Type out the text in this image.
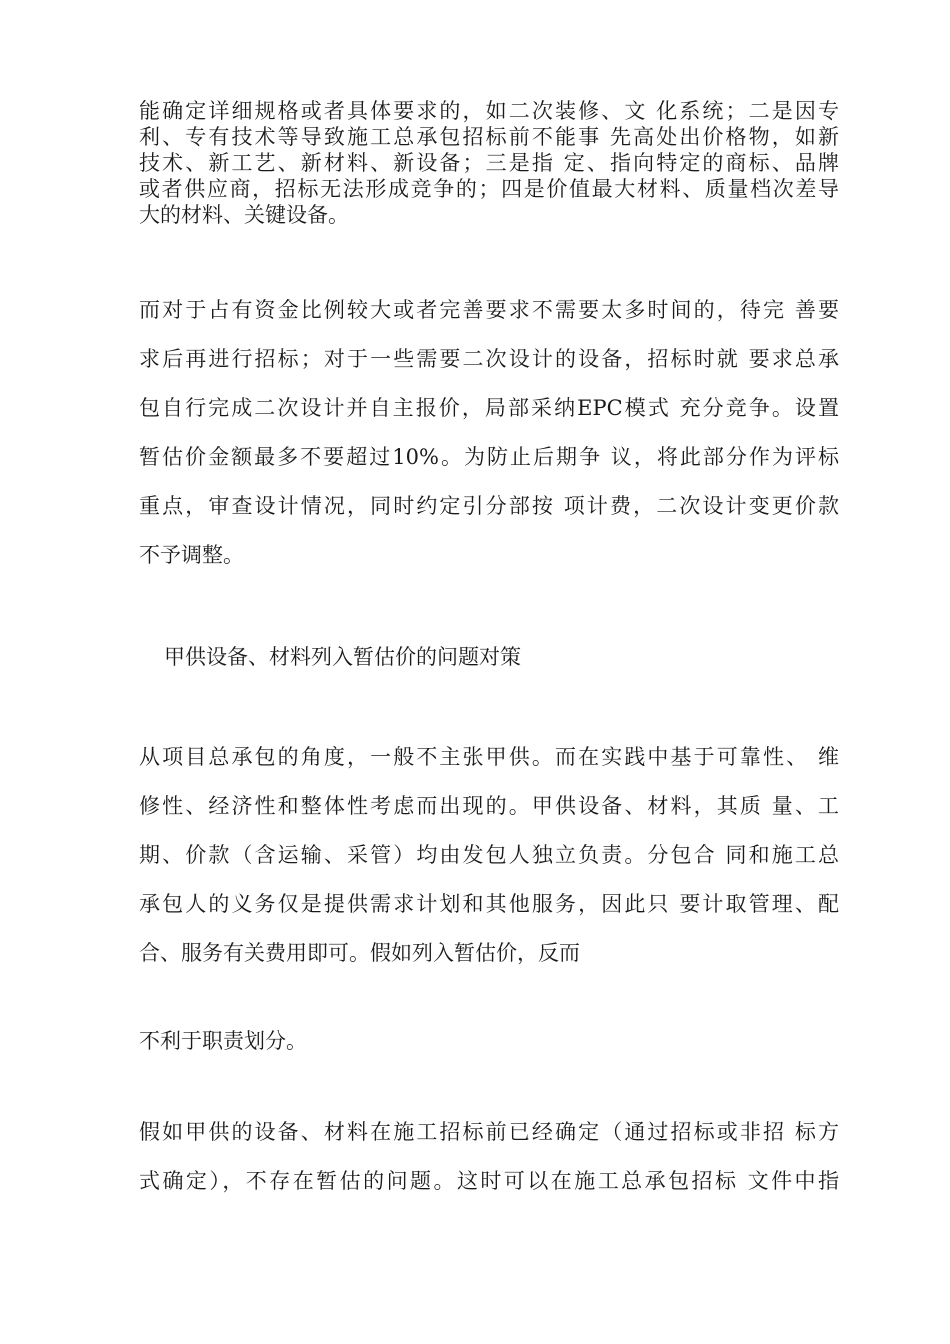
能确定详细规格或者具体要求的，如二次装修、文 化系统；二是因专
利、专有技术等导致施工总承包招标前不能事 先高处出价格物，如新
技术、新工艺、新材料、新设备；三是指 定、指向特定的商标、品牌
或者供应商，招标无法形成竞争的；四是价值最大材料、质量档次差导
大的材料、关键设备。
而对于占有资金比例较大或者完善要求不需要太多时间的，待完 善要
求后再进行招标；对于一些需要二次设计的设备，招标时就 要求总承
包自行完成二次设计并自主报价，局部采纳EPC模式 充分竞争。设置
暂估价金额最多不要超过10%。为防止后期争 议，将此部分作为评标
重点，审查设计情况，同时约定引分部按 项计费，二次设计变更价款
不予调整。
甲供设备、材料列入暂估价的问题对策
从项目总承包的角度，一般不主张甲供。而在实践中基于可靠性、 维
修性、经济性和整体性考虑而出现的。甲供设备、材料，其质 量、工
期、价款（含运输、采管）均由发包人独立负责。分包合 同和施工总
承包人的义务仅是提供需求计划和其他服务，因此只 要计取管理、配
合、服务有关费用即可。假如列入暂估价，反而
不利于职责划分。
假如甲供的设备、材料在施工招标前已经确定（通过招标或非招 标方
式确定），不存在暂估的问题。这时可以在施工总承包招标 文件中指
